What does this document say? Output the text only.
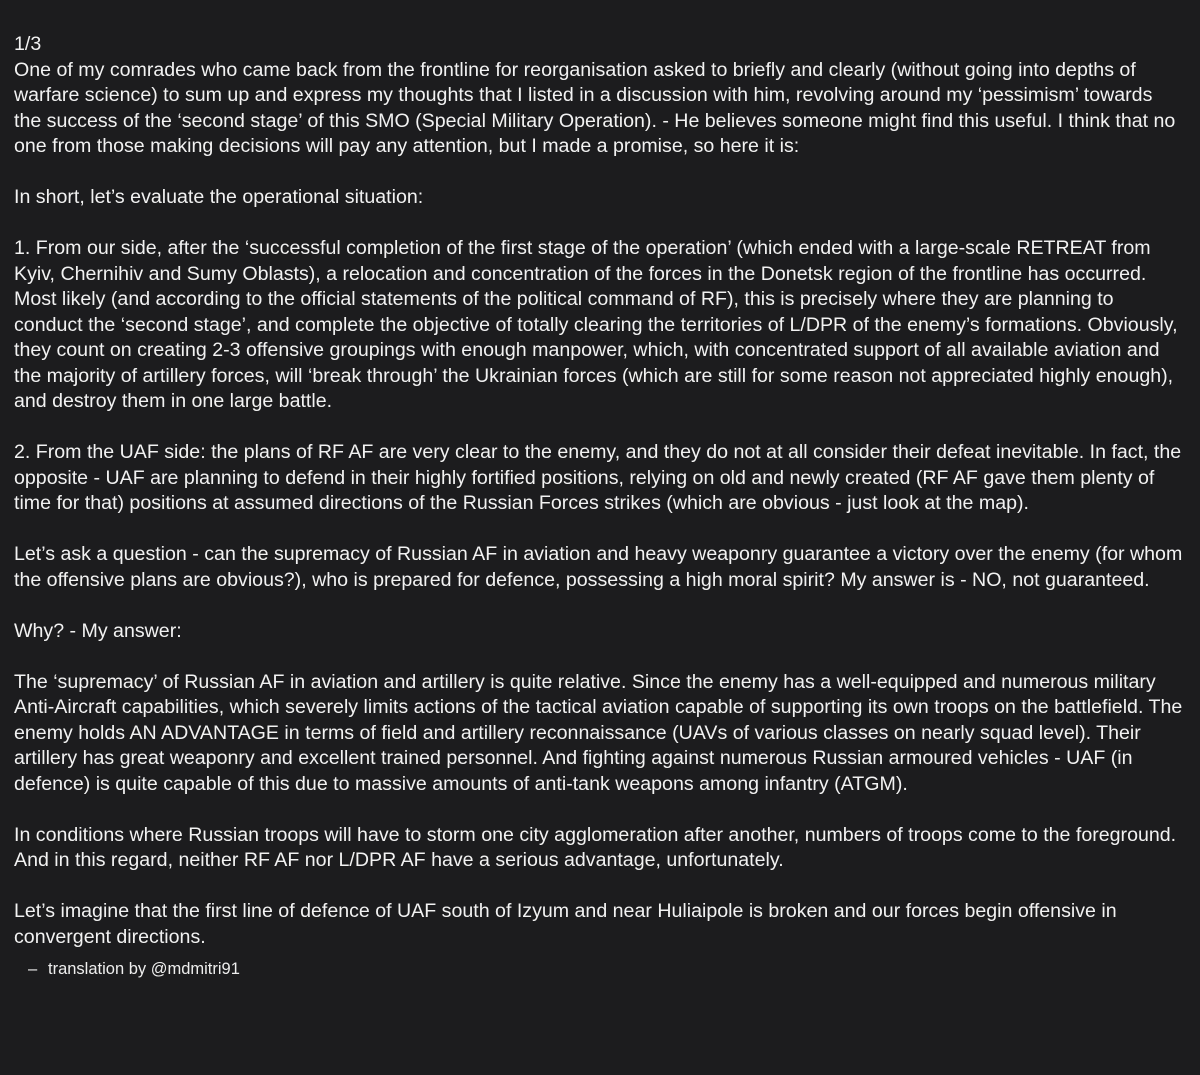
1/3
One of my comrades who came back from the frontline for reorganisation asked to briefly and clearly (without going into depths of warfare science) to sum up and express my thoughts that I listed in a discussion with him, revolving around my ‘pessimism’ towards the success of the ‘second stage’ of this SMO (Special Military Operation). - He believes someone might find this useful. I think that no one from those making decisions will pay any attention, but I made a promise, so here it is:

In short, let’s evaluate the operational situation:

1. From our side, after the ‘successful completion of the first stage of the operation’ (which ended with a large-scale RETREAT from Kyiv, Chernihiv and Sumy Oblasts), a relocation and concentration of the forces in the Donetsk region of the frontline has occurred. Most likely (and according to the official statements of the political command of RF), this is precisely where they are planning to conduct the ‘second stage’, and complete the objective of totally clearing the territories of L/DPR of the enemy’s formations. Obviously, they count on creating 2-3 offensive groupings with enough manpower, which, with concentrated support of all available aviation and the majority of artillery forces, will ‘break through’ the Ukrainian forces (which are still for some reason not appreciated highly enough), and destroy them in one large battle.

2. From the UAF side: the plans of RF AF are very clear to the enemy, and they do not at all consider their defeat inevitable. In fact, the opposite - UAF are planning to defend in their highly fortified positions, relying on old and newly created (RF AF gave them plenty of time for that) positions at assumed directions of the Russian Forces strikes (which are obvious - just look at the map).

Let’s ask a question - can the supremacy of Russian AF in aviation and heavy weaponry guarantee a victory over the enemy (for whom the offensive plans are obvious?), who is prepared for defence, possessing a high moral spirit? My answer is - NO, not guaranteed.

Why? - My answer:

The ‘supremacy’ of Russian AF in aviation and artillery is quite relative. Since the enemy has a well-equipped and numerous military Anti-Aircraft capabilities, which severely limits actions of the tactical aviation capable of supporting its own troops on the battlefield. The enemy holds AN ADVANTAGE in terms of field and artillery reconnaissance (UAVs of various classes on nearly squad level). Their artillery has great weaponry and excellent trained personnel. And fighting against numerous Russian armoured vehicles - UAF (in defence) is quite capable of this due to massive amounts of anti-tank weapons among infantry (ATGM).

In conditions where Russian troops will have to storm one city agglomeration after another, numbers of troops come to the foreground. And in this regard, neither RF AF nor L/DPR AF have a serious advantage, unfortunately.

Let’s imagine that the first line of defence of UAF south of Izyum and near Huliaipole is broken and our forces begin offensive in convergent directions.

– translation by @mdmitri91
